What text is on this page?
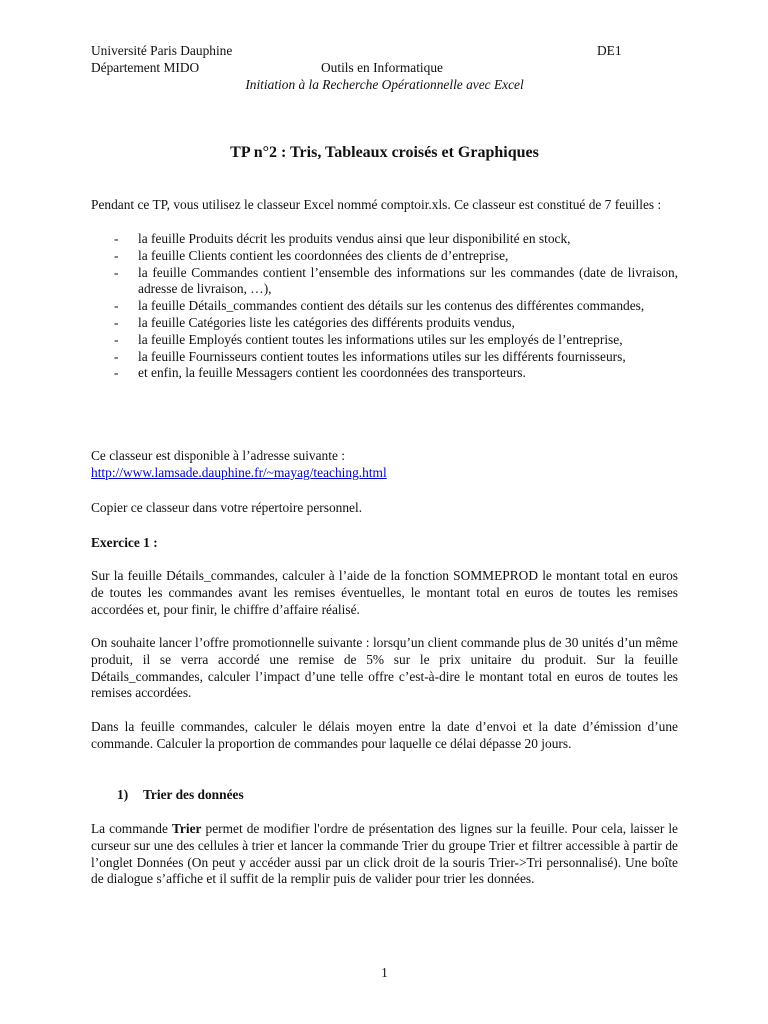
Université Paris Dauphine	DE1
Département MIDO	Outils en Informatique
Initiation à la Recherche Opérationnelle avec Excel
TP n°2 : Tris, Tableaux croisés et Graphiques
Pendant ce TP, vous utilisez le classeur Excel nommé comptoir.xls. Ce classeur est constitué de 7 feuilles :
- la feuille Produits décrit les produits vendus ainsi que leur disponibilité en stock,
- la feuille Clients contient les coordonnées des clients de d’entreprise,
- la feuille Commandes contient l’ensemble des informations sur les commandes (date de livraison, adresse de livraison, …),
- la feuille Détails_commandes contient des détails sur les contenus des différentes commandes,
- la feuille Catégories liste les catégories des différents produits vendus,
- la feuille Employés contient toutes les informations utiles sur les employés de l’entreprise,
- la feuille Fournisseurs contient toutes les informations utiles sur les différents fournisseurs,
- et enfin, la feuille Messagers contient les coordonnées des transporteurs.
Ce classeur est disponible à l’adresse suivante :
http://www.lamsade.dauphine.fr/~mayag/teaching.html
Copier ce classeur dans votre répertoire personnel.
Exercice 1 :
Sur la feuille Détails_commandes, calculer à l’aide de la fonction SOMMEPROD le montant total en euros de toutes les commandes avant les remises éventuelles, le montant total en euros de toutes les remises accordées et, pour finir, le chiffre d’affaire réalisé.
On souhaite lancer l’offre promotionnelle suivante : lorsqu’un client commande plus de 30 unités d’un même produit, il se verra accordé une remise de 5% sur le prix unitaire du produit. Sur la feuille Détails_commandes, calculer l’impact d’une telle offre c’est-à-dire le montant total en euros de toutes les remises accordées.
Dans la feuille commandes, calculer le délais moyen entre la date d’envoi et la date d’émission d’une commande. Calculer la proportion de commandes pour laquelle ce délai dépasse 20 jours.
1) Trier des données
La commande Trier permet de modifier l'ordre de présentation des lignes sur la feuille. Pour cela, laisser le curseur sur une des cellules à trier et lancer la commande Trier du groupe Trier et filtrer accessible à partir de l’onglet Données (On peut y accéder aussi par un click droit de la souris Trier->Tri personnalisé). Une boîte de dialogue s’affiche et il suffit de la remplir puis de valider pour trier les données.
1
